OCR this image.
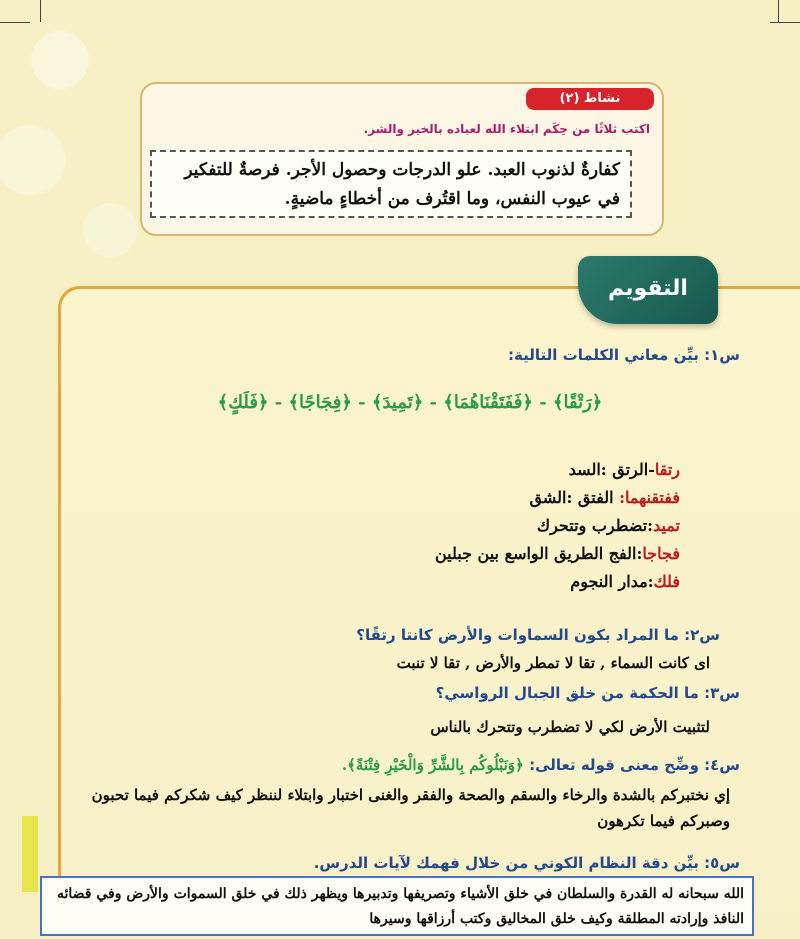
نشاط (٢)
اكتب ثلاثًا من حِكَم ابتلاء الله لعباده بالخير والشر.
كفارةٌ لذنوب العبد. علو الدرجات وحصول الأجر. فرصةٌ للتفكير في عيوب النفس، وما اقتُرف من أخطاءٍ ماضيةٍ.
التقويم
س١: بيِّن معاني الكلمات التالية:
﴿رَتْقًا﴾ - ﴿فَفَتَقْنَاهُمَا﴾ - ﴿تَمِيدَ﴾ - ﴿فِجَاجًا﴾ - ﴿فَلَكٍ﴾
رتقا-الرتق :السد
ففتقنهما: الفتق :الشق
تميد:تضطرب وتتحرك
فجاجا:الفج الطريق الواسع بين جبلين
فلك:مدار النجوم
س٢: ما المراد بكون السماوات والأرض كانتا رتقًا؟
اى كانت السماء , تقا لا تمطر والأرض , تقا لا تنبت
س٣: ما الحكمة من خلق الجبال الرواسي؟
لتثبيت الأرض لكي لا تضطرب وتتحرك بالناس
س٤: وضِّح معنى قوله تعالى: ﴿وَنَبْلُوكُم بِالشَّرِّ وَالْخَيْرِ فِتْنَةً﴾.
إي نختبركم بالشدة والرخاء والسقم والصحة والفقر والغنى اختبار وابتلاء لننظر كيف شكركم فيما تحبون وصبركم فيما تكرهون
س٥: بيِّن دقة النظام الكوني من خلال فهمك لآيات الدرس.
الله سبحانه له القدرة والسلطان في خلق الأشياء وتصريفها وتدبيرها ويظهر ذلك في خلق السموات والأرض وفي قضائه النافذ وإرادته المطلقة وكيف خلق المخاليق وكتب أرزاقها وسيرها
